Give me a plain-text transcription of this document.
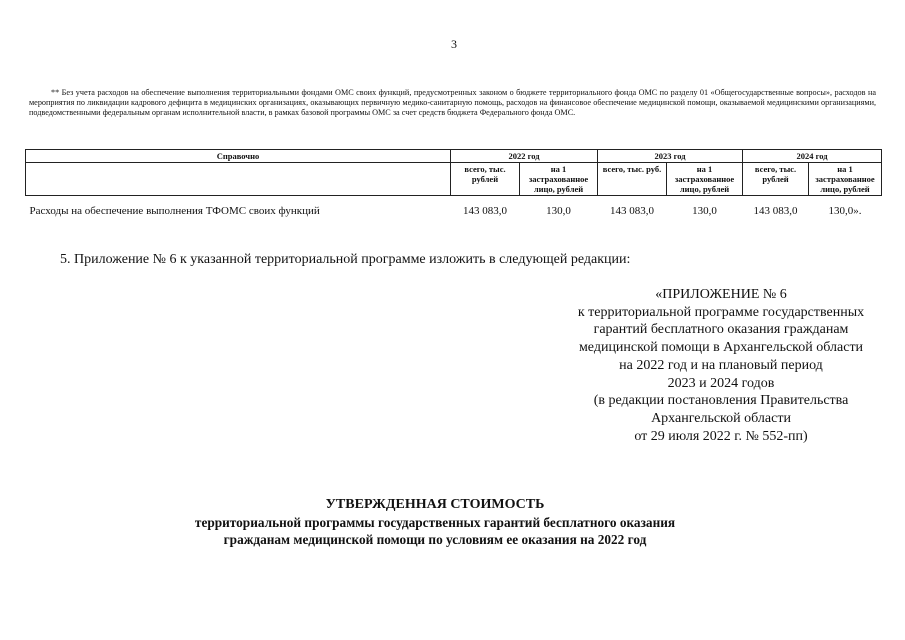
3
** Без учета расходов на обеспечение выполнения территориальными фондами ОМС своих функций, предусмотренных законом о бюджете территориального фонда ОМС по разделу 01 «Общегосударственные вопросы», расходов на мероприятия по ликвидации кадрового дефицита в медицинских организациях, оказывающих первичную медико-санитарную помощь, расходов на финансовое обеспечение медицинской помощи, оказываемой медицинскими организациями, подведомственными федеральным органам исполнительной власти, в рамках базовой программы ОМС за счет средств бюджета Федерального фонда ОМС.
Справочно	2022 год		2023 год		2024 год	
	всего, тыс. рублей	на 1 застрахованное лицо, рублей	всего, тыс. руб.	на 1 застрахованное лицо, рублей	всего, тыс. рублей	на 1 застрахованное лицо, рублей
Расходы на обеспечение выполнения ТФОМС своих функций	143 083,0	130,0	143 083,0	130,0	143 083,0	130,0».
5. Приложение № 6 к указанной территориальной программе изложить в следующей редакции:
«ПРИЛОЖЕНИЕ № 6
к территориальной программе государственных
гарантий бесплатного оказания гражданам
медицинской помощи в Архангельской области
на 2022 год и на плановый период
2023 и 2024 годов
(в редакции постановления Правительства
Архангельской области
от 29 июля 2022 г. № 552-пп)
УТВЕРЖДЕННАЯ СТОИМОСТЬ
территориальной программы государственных гарантий бесплатного оказания
гражданам медицинской помощи по условиям ее оказания на 2022 год
